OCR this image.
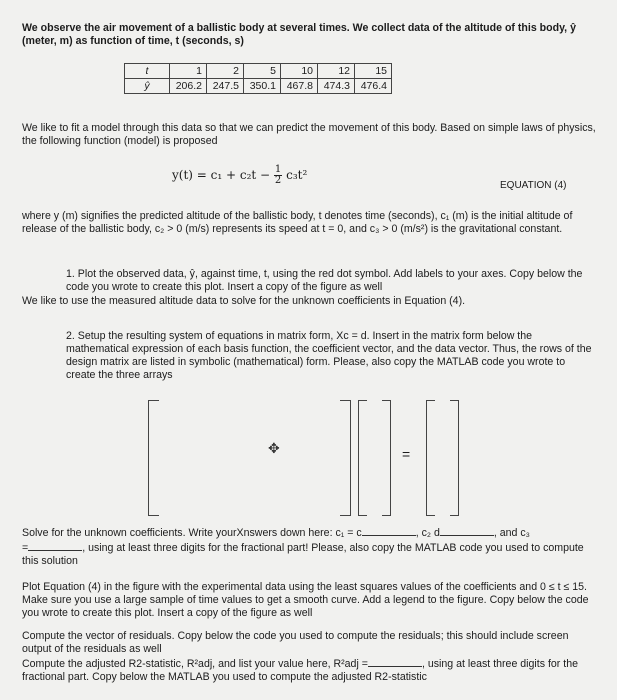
We observe the air movement of a ballistic body at several times. We collect data of the altitude of this body, ŷ (meter, m) as function of time, t (seconds, s)
t	1	2	5	10	12	15
ŷ	206.2	247.5	350.1	467.8	474.3	476.4
We like to fit a model through this data so that we can predict the movement of this body. Based on simple laws of physics, the following function (model) is proposed
$y(t) = c_1 + c_2t - \frac{1}{2} c_3t^2$
EQUATION (4)
where y (m) signifies the predicted altitude of the ballistic body, t denotes time (seconds), c₁ (m) is the initial altitude of release of the ballistic body, c₂ > 0 (m/s) represents its speed at t = 0, and c₃ > 0 (m/s²) is the gravitational constant.
1. Plot the observed data, ŷ, against time, t, using the red dot symbol. Add labels to your axes. Copy below the code you wrote to create this plot. Insert a copy of the figure as well
We like to use the measured altitude data to solve for the unknown coefficients in Equation (4).
2. Setup the resulting system of equations in matrix form, Xc = d. Insert in the matrix form below the mathematical expression of each basis function, the coefficient vector, and the data vector. Thus, the rows of the design matrix are listed in symbolic (mathematical) form. Please, also copy the MATLAB code you wrote to create the three arrays
=
✥
Solve for the unknown coefficients. Write yourXnswers down here: c₁ = c	, c₂ d	, and c₃
=	, using at least three digits for the fractional part! Please, also copy the MATLAB code you used to compute this solution
Plot Equation (4) in the figure with the experimental data using the least squares values of the coefficients and 0 ≤ t ≤ 15. Make sure you use a large sample of time values to get a smooth curve. Add a legend to the figure. Copy below the code you wrote to create this plot. Insert a copy of the figure as well
Compute the vector of residuals. Copy below the code you used to compute the residuals; this should include screen output of the residuals as well
Compute the adjusted R2-statistic, R²adj, and list your value here, R²adj =	, using at least three digits for the fractional part. Copy below the MATLAB you used to compute the adjusted R2-statistic
